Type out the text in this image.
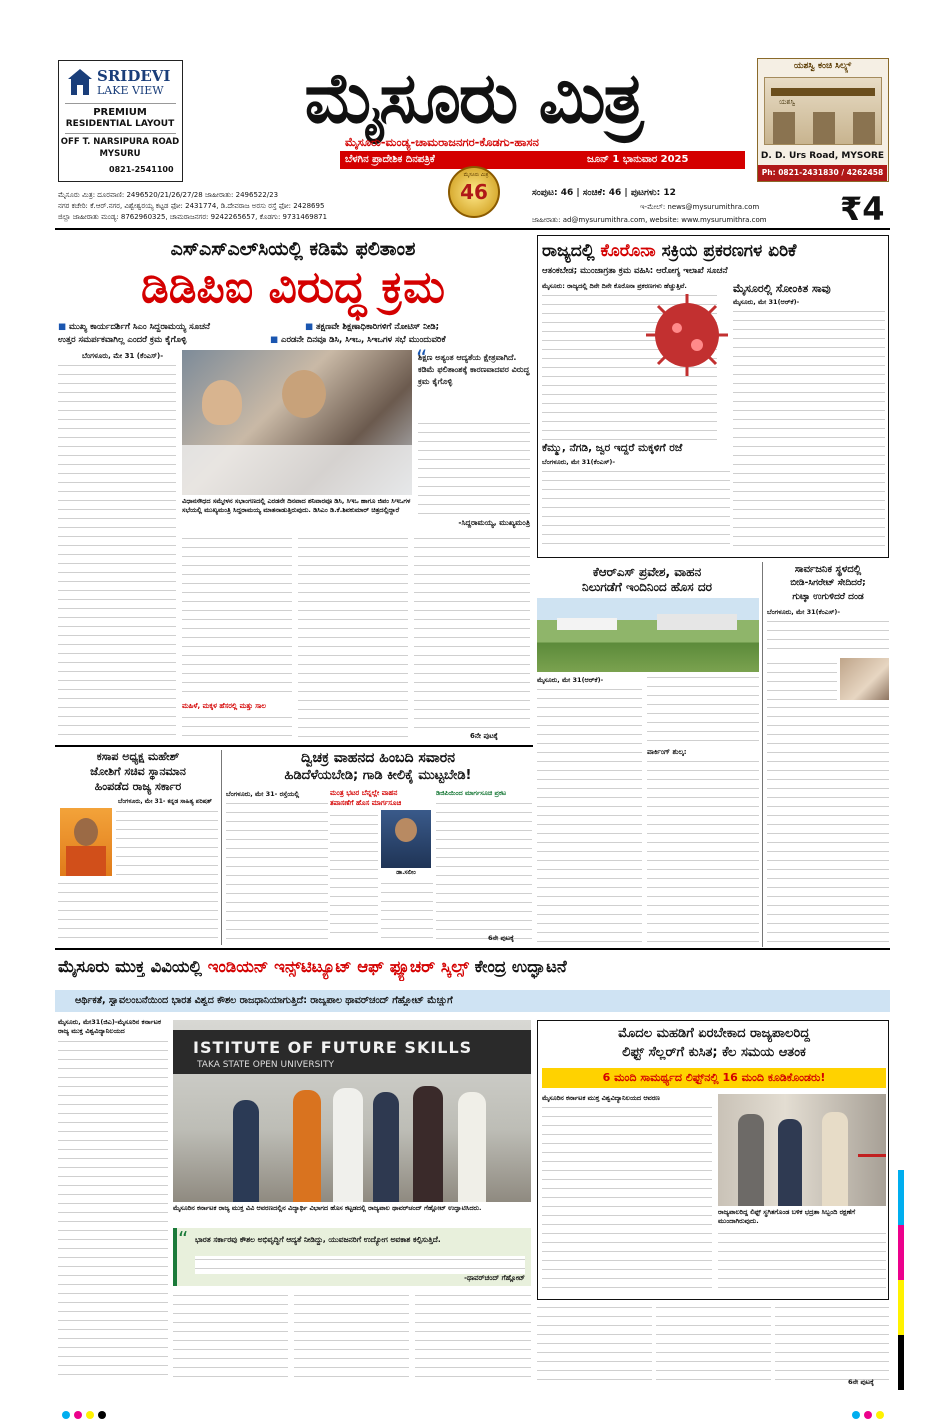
SRIDEVI
LAKE VIEW
PREMIUM
RESIDENTIAL LAYOUT
OFF T. NARSIPURA ROAD
MYSURU
0821-2541100
ಮೈಸೂರು ಮಿತ್ರ
ಮೈಸೂರು-ಮಂಡ್ಯ-ಚಾಮರಾಜನಗರ-ಕೊಡಗು-ಹಾಸನ
ಬೆಳಗಿನ ಪ್ರಾದೇಶಿಕ ದಿನಪತ್ರಿಕೆ	ಜೂನ್ 1 ಭಾನುವಾರ 2025
ಯಶಸ್ವಿ ಕಂಚಿ ಸಿಲ್ಕ್ಸ್
ಯಶಸ್ವಿ
D. D. Urs Road, MYSORE
Ph: 0821-2431830 / 4262458
ಮೈಸೂರು ಮಿತ್ರ
46
ಮೈಸೂರು ಮಿತ್ರ: ದೂರವಾಣಿ: 2496520/21/26/27/28 ಜಾಹೀರಾತು: 2496522/23
ನಗರ ಕಚೇರಿ: ಕೆ.ಆರ್.ನಗರ, ವಿಶ್ವೇಶ್ವರಯ್ಯ ಕಟ್ಟಡ ಫೋ: 2431774, ಡಿ.ದೇವರಾಜ ಅರಸು ರಸ್ತೆ ಫೋ: 2428695
ಜಿಲ್ಲಾ ಜಾಹೀರಾತು ಮಂಡ್ಯ: 8762960325, ಚಾಮರಾಜನಗರ: 9242265657, ಕೊಡಗು: 9731469871
ಸಂಪುಟ: 46 | ಸಂಚಿಕೆ: 46 | ಪುಟಗಳು: 12
ಇ-ಮೇಲ್: news@mysurumithra.com
ಜಾಹೀರಾತು: ad@mysurumithra.com, website: www.mysurumithra.com ₹4
ಎಸ್‌ಎಸ್‌ಎಲ್‌ಸಿಯಲ್ಲಿ ಕಡಿಮೆ ಫಲಿತಾಂಶ
ಡಿಡಿಪಿಐ ವಿರುದ್ಧ ಕ್ರಮ
■ ಮುಖ್ಯ ಕಾರ್ಯದರ್ಶಿಗೆ ಸಿಎಂ ಸಿದ್ದರಾಮಯ್ಯ ಸೂಚನೆ	■ ತಕ್ಷಣವೇ ಶಿಕ್ಷಣಾಧಿಕಾರಿಗಳಿಗೆ ನೋಟಿಸ್ ನೀಡಿ;
ಉತ್ತರ ಸಮರ್ಪಕವಾಗಿಲ್ಲ ಎಂದರೆ ಕ್ರಮ ಕೈಗೊಳ್ಳಿ	■ ಎರಡನೇ ದಿನವೂ ಡಿಸಿ, ಸಿಇಒ, ಸಿಇಒಗಳ ಸಭೆ ಮುಂದುವರಿಕೆ
ಬೆಂಗಳೂರು, ಮೇ 31 (ಕೆಂಎಸ್)-
ವಿಧಾನಸೌಧದ ಸಮ್ಮೇಳನ ಸಭಾಂಗಣದಲ್ಲಿ ಎರಡನೇ ದಿನವಾದ ಶನಿವಾರವೂ ಡಿಸಿ, ಸಿಇಒ ಹಾಗೂ ಜಿಪಂ ಸಿಇಒಗಳ ಸಭೆಯಲ್ಲಿ ಮುಖ್ಯಮಂತ್ರಿ ಸಿದ್ದರಾಮಯ್ಯ ಮಾತನಾಡುತ್ತಿರುವುದು. ಡಿಸಿಎಂ ಡಿ.ಕೆ.ಶಿವಕುಮಾರ್ ಚಿತ್ರದಲ್ಲಿದ್ದಾರೆ
ಶಿಕ್ಷಣ ಅತ್ಯಂತ ಆದ್ಯತೆಯ ಕ್ಷೇತ್ರವಾಗಿದೆ. ಕಡಿಮೆ ಫಲಿತಾಂಶಕ್ಕೆ ಕಾರಣವಾದವರ ವಿರುದ್ಧ ಕ್ರಮ ಕೈಗೊಳ್ಳಿ
“
-ಸಿದ್ದರಾಮಯ್ಯ, ಮುಖ್ಯಮಂತ್ರಿ
ಮಹಿಳೆ, ಮಕ್ಕಳ ಹೆಸರಲ್ಲಿ ಮತ್ತು ಸಾಲ
6ನೇ ಪುಟಕ್ಕೆ
ರಾಜ್ಯದಲ್ಲಿ ಕೊರೊನಾ ಸಕ್ರಿಯ ಪ್ರಕರಣಗಳ ಏರಿಕೆ
ಆತಂಕಬೇಡ; ಮುಂಜಾಗ್ರತಾ ಕ್ರಮ ವಹಿಸಿ: ಆರೋಗ್ಯ ಇಲಾಖೆ ಸೂಚನೆ
ಮೈಸೂರು: ರಾಜ್ಯದಲ್ಲಿ ದಿನೇ ದಿನೇ ಕೊರೊನಾ ಪ್ರಕರಣಗಳು ಹೆಚ್ಚುತ್ತಿವೆ.	ಮೈಸೂರಲ್ಲಿ ಸೋಂಕಿತ ಸಾವು
ಮೈಸೂರು, ಮೇ 31(ಆರ್‌ಕೆ)-
ಕೆಮ್ಮು, ನೆಗಡಿ, ಜ್ವರ ಇದ್ದರೆ ಮಕ್ಕಳಿಗೆ ರಜೆ
ಬೆಂಗಳೂರು, ಮೇ 31(ಕೆಂಎಸ್)-
ಕೆಆರ್‌ಎಸ್ ಪ್ರವೇಶ, ವಾಹನ
ನಿಲುಗಡೆಗೆ ಇಂದಿನಿಂದ ಹೊಸ ದರ
ಮೈಸೂರು, ಮೇ 31(ಆರ್‌ಕೆ)-
ಪಾರ್ಕಿಂಗ್ ಶುಲ್ಕ:
ಸಾರ್ವಜನಿಕ ಸ್ಥಳದಲ್ಲಿ
ಬೀಡಿ-ಸಿಗರೇಟ್ ಸೇದಿದರೆ;
ಗುಟ್ಕಾ ಉಗುಳಿದರೆ ದಂಡ
ಬೆಂಗಳೂರು, ಮೇ 31(ಕೆಂಎಸ್)-
ಕಸಾಪ ಅಧ್ಯಕ್ಷ ಮಹೇಶ್
ಜೋಶಿಗೆ ಸಚಿವ ಸ್ಥಾನಮಾನ
ಹಿಂಪಡೆದ ರಾಜ್ಯ ಸರ್ಕಾರ
ಬೆಂಗಳೂರು, ಮೇ 31- ಕನ್ನಡ ಸಾಹಿತ್ಯ ಪರಿಷತ್
ದ್ವಿಚಕ್ರ ವಾಹನದ ಹಿಂಬದಿ ಸವಾರನ
ಹಿಡಿದೆಳೆಯಬೇಡಿ; ಗಾಡಿ ಕೀಲಿಕೈ ಮುಟ್ಟಬೇಡಿ!
ಬೆಂಗಳೂರು, ಮೇ 31- ರಸ್ತೆಯಲ್ಲಿ	ಮಂತ್ರ ಭಟರ ಬೆನ್ನಲ್ಲೇ ವಾಹನ
ತಪಾಸಣೆಗೆ ಹೊಸ ಮಾರ್ಗಸೂಚಿ
ಡಾ.ಸಲೀಂ
ಡಿಜಿಪಿಯಿಂದ ಮಾರ್ಗಸೂಚಿ ಪ್ರಕಟ
6ನೇ ಪುಟಕ್ಕೆ
ಮೈಸೂರು ಮುಕ್ತ ವಿವಿಯಲ್ಲಿ ಇಂಡಿಯನ್ ಇನ್ಸ್‌ಟಿಟ್ಯೂಟ್ ಆಫ್ ಫ್ಯೂಚರ್ ಸ್ಕಿಲ್ಸ್ ಕೇಂದ್ರ ಉದ್ಘಾಟನೆ
ಆರ್ಥಿಕತೆ, ಸ್ವಾವಲಂಬನೆಯಿಂದ ಭಾರತ ವಿಶ್ವದ ಕೌಶಲ ರಾಜಧಾನಿಯಾಗುತ್ತಿದೆ: ರಾಜ್ಯಪಾಲ ಥಾವರ್‌ಚಂದ್ ಗೆಹ್ಲೋಟ್ ಮೆಚ್ಚುಗೆ
ಮೈಸೂರು, ಮೇ31(ಜಿಎ)-ಮೈಸೂರಿನ ಕರ್ನಾಟಕ ರಾಜ್ಯ ಮುಕ್ತ ವಿಶ್ವವಿದ್ಯಾನಿಲಯದ
ISTITUTE OF FUTURE SKILLS
TAKA STATE OPEN UNIVERSITY
ಮೈಸೂರಿನ ಕರ್ನಾಟಕ ರಾಜ್ಯ ಮುಕ್ತ ವಿವಿ ಆವರಣದಲ್ಲಿನ ವಿದ್ಯಾರ್ಥಿ ವಿಭಾಗದ ಹೊಸ ಕಟ್ಟಡದಲ್ಲಿ ರಾಜ್ಯಪಾಲ ಥಾವರ್‌ಚಂದ್ ಗೆಹ್ಲೋಟ್ ಉದ್ಘಾಟಿಸಿದರು.
“ ಭಾರತ ಸರ್ಕಾರವು ಕೌಶಲ ಅಭಿವೃದ್ಧಿಗೆ ಆದ್ಯತೆ ನೀಡಿದ್ದು, ಯುವಜನರಿಗೆ ಉದ್ಯೋಗ ಅವಕಾಶ ಕಲ್ಪಿಸುತ್ತಿದೆ.
-ಥಾವರ್‌ಚಂದ್ ಗೆಹ್ಲೋಟ್
ಮೊದಲ ಮಹಡಿಗೆ ಏರಬೇಕಾದ ರಾಜ್ಯಪಾಲರಿದ್ದ
ಲಿಫ್ಟ್ ಸೆಲ್ಲರ್‌ಗೆ ಕುಸಿತ; ಕೆಲ ಸಮಯ ಆತಂಕ
6 ಮಂದಿ ಸಾಮರ್ಥ್ಯದ ಲಿಫ್ಟ್‌ನಲ್ಲಿ 16 ಮಂದಿ ಕೂಡಿಕೊಂಡರು!
ಮೈಸೂರಿನ ಕರ್ನಾಟಕ ಮುಕ್ತ ವಿಶ್ವವಿದ್ಯಾನಿಲಯದ ಆವರಣ
ರಾಜ್ಯಪಾಲರಿದ್ದ ಲಿಫ್ಟ್ ಸ್ಥಗಿತಗೊಂಡ ಬಳಿಕ ಭದ್ರತಾ ಸಿಬ್ಬಂದಿ ರಕ್ಷಣೆಗೆ ಮುಂದಾಗಿರುವುದು.
6ನೇ ಪುಟಕ್ಕೆ
